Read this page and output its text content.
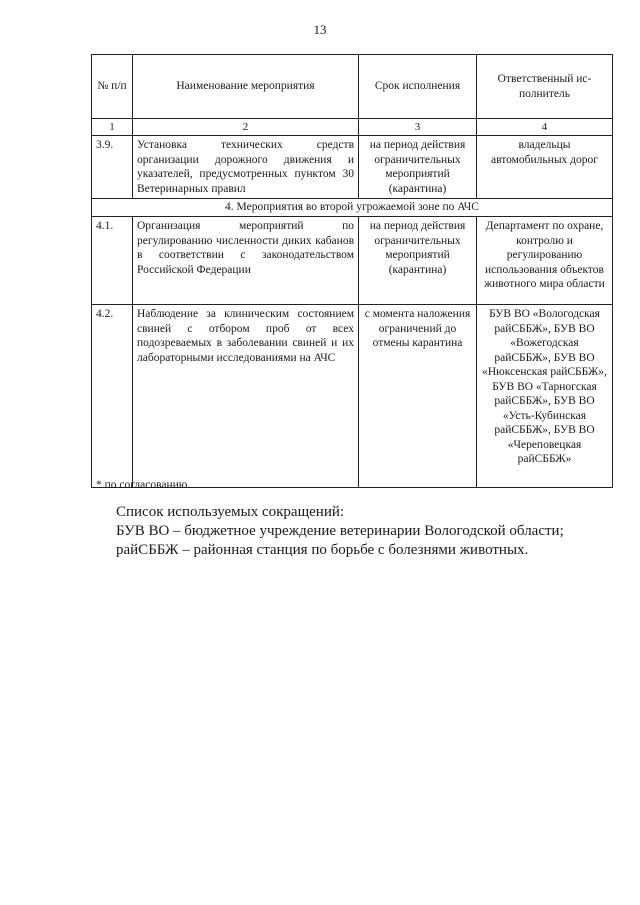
13
№ п/п	Наименование мероприятия	Срок исполнения	Ответственный ис-полнитель
1	2	3	4
3.9.	Установка технических средств организации дорожного движения и указателей, предусмотренных пунктом 30 Ветеринарных правил	на период действия ограничительных мероприятий (карантина)	владельцы автомобильных дорог
4. Мероприятия во второй угрожаемой зоне по АЧС			
4.1.	Организация мероприятий по регулированию численности диких кабанов в соответствии с законодательством Российской Федерации	на период действия ограничительных мероприятий (карантина)	Департамент по охране, контролю и регулированию использования объектов животного мира области
4.2.	Наблюдение за клиническим состоянием свиней с отбором проб от всех подозреваемых в заболевании свиней и их лабораторными исследованиями на АЧС	с момента наложения ограничений до отмены карантина	БУВ ВО «Вологодская райСББЖ», БУВ ВО «Вожегодская райСББЖ», БУВ ВО «Нюксенская райСББЖ», БУВ ВО «Тарногская райСББЖ», БУВ ВО «Усть-Кубинская райСББЖ», БУВ ВО «Череповецкая райСББЖ»
* по согласованию.
Список используемых сокращений:
БУВ ВО – бюджетное учреждение ветеринарии Вологодской области;
райСББЖ – районная станция по борьбе с болезнями животных.
